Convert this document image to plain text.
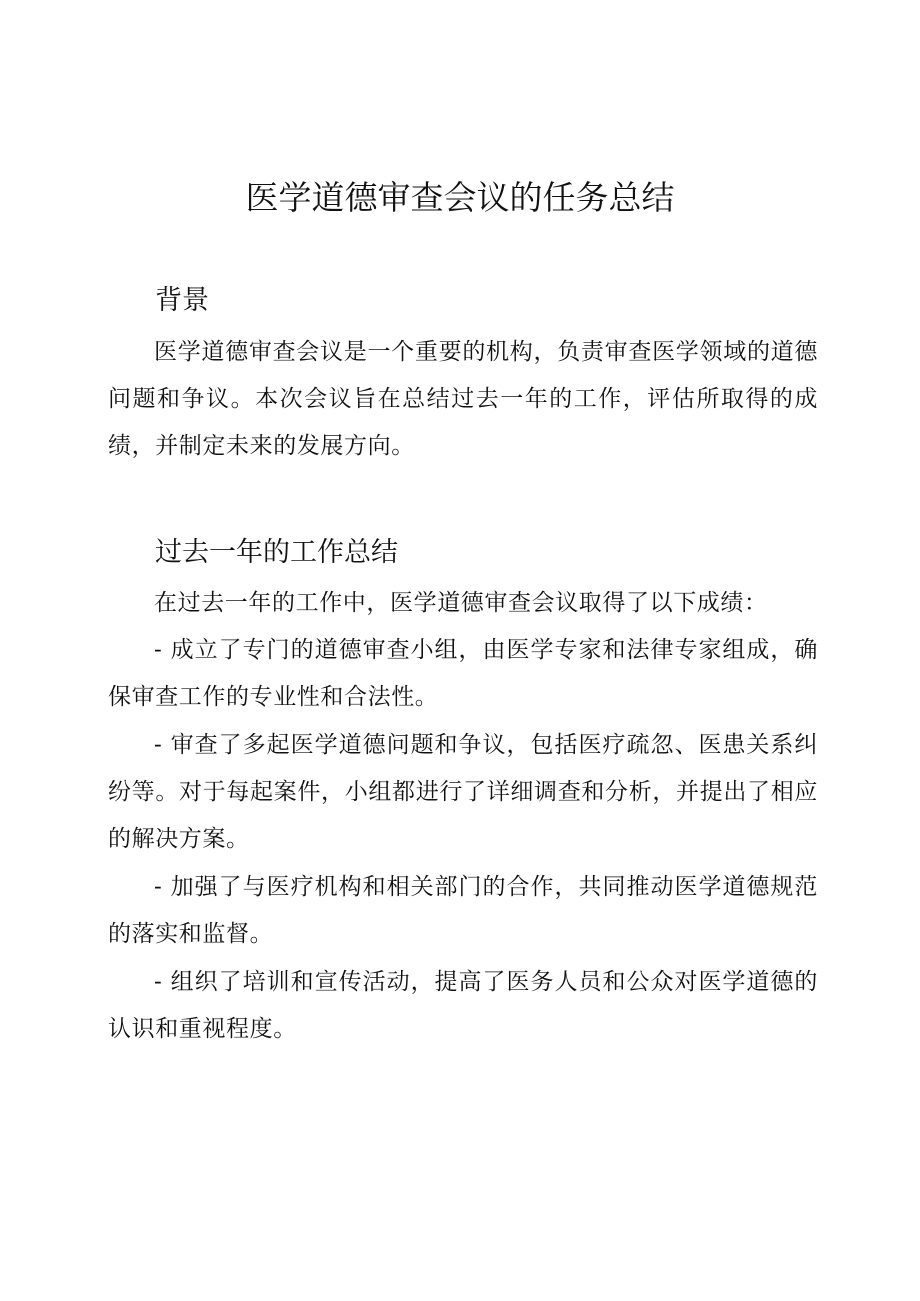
医学道德审查会议的任务总结
背景

医学道德审查会议是一个重要的机构，负责审查医学领域的道德问题和争议。本次会议旨在总结过去一年的工作，评估所取得的成绩，并制定未来的发展方向。

过去一年的工作总结

在过去一年的工作中，医学道德审查会议取得了以下成绩：

- 成立了专门的道德审查小组，由医学专家和法律专家组成，确保审查工作的专业性和合法性。

- 审查了多起医学道德问题和争议，包括医疗疏忽、医患关系纠纷等。对于每起案件，小组都进行了详细调查和分析，并提出了相应的解决方案。

- 加强了与医疗机构和相关部门的合作，共同推动医学道德规范的落实和监督。

- 组织了培训和宣传活动，提高了医务人员和公众对医学道德的认识和重视程度。
